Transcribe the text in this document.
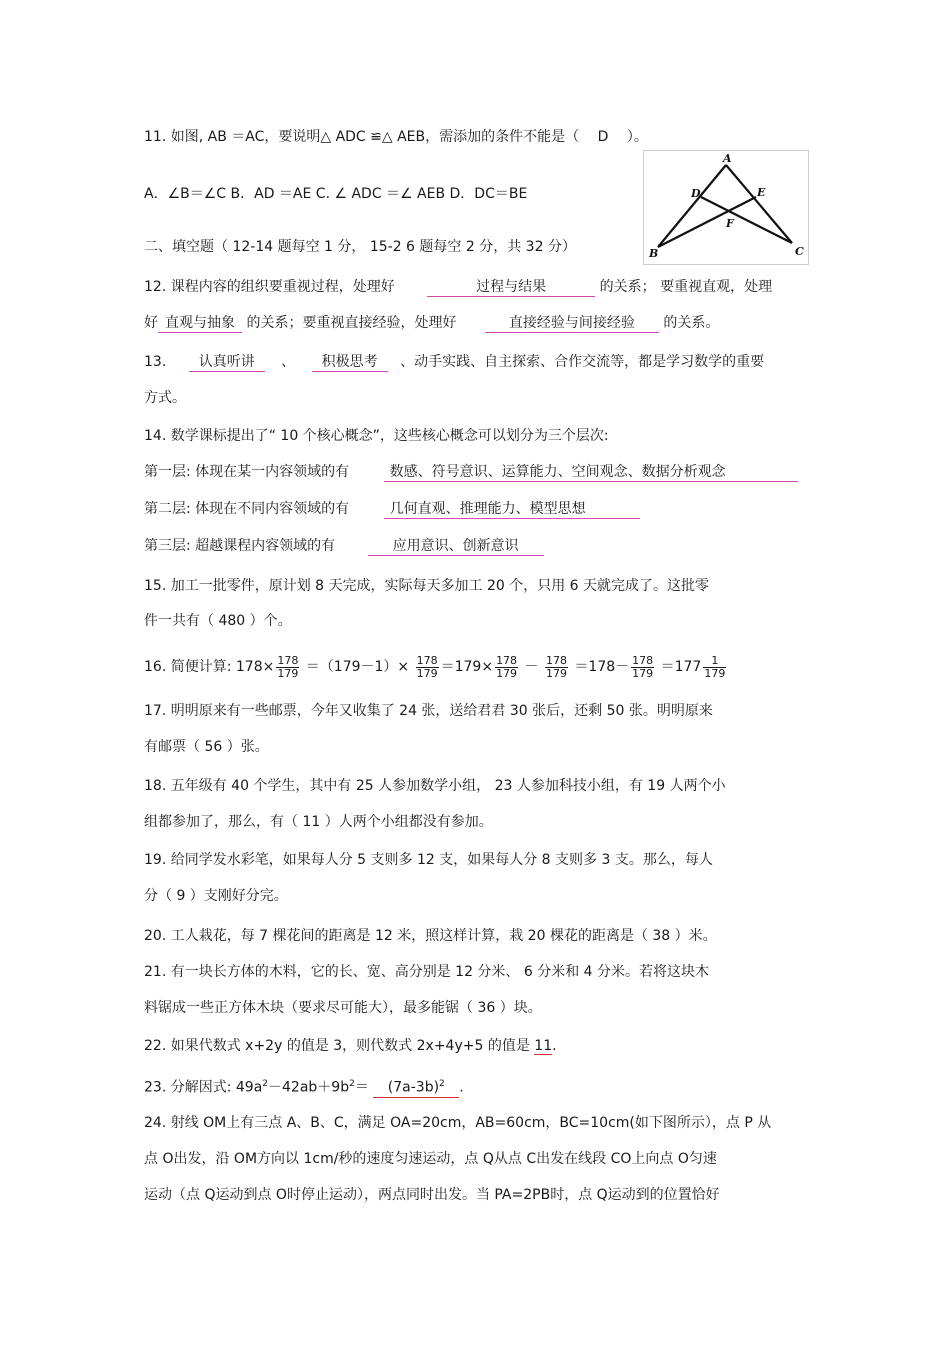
11. 如图, AB ＝AC，要说明△ ADC ≌△ AEB，需添加的条件不能是（ D ）。
A．∠B＝∠C B．AD ＝AE C. ∠ ADC ＝∠ AEB D．DC＝BE
A
D	E
F
B	C
二、填空题（ 12-14 题每空 1 分， 15-2 6 题每空 2 分，共 32 分）
12. 课程内容的组织要重视过程，处理好	过程与结果	的关系； 要重视直观，处理
好 直观与抽象 的关系；要重视直接经验，处理好	直接经验与间接经验 的关系。
13. 认真听讲 、 积极思考 、动手实践、自主探索、合作交流等，都是学习数学的重要
方式。
14. 数学课标提出了“ 10 个核心概念”，这些核心概念可以划分为三个层次:
第一层: 体现在某一内容领域的有	数感、符号意识、运算能力、空间观念、数据分析观念
第二层: 体现在不同内容领域的有	几何直观、推理能力、模型思想
第三层: 超越课程内容领域的有	应用意识、创新意识
15. 加工一批零件，原计划 8 天完成，实际每天多加工 20 个，只用 6 天就完成了。这批零
件一共有（ 480 ）个。
16. 简便计算: $178\times \frac{178}{179} =(179-1)\times \frac{178}{179} =179\times \frac{178}{179} - \frac{178}{179} =178- \frac{178}{179} =177 \frac{1}{179}$
17. 明明原来有一些邮票，今年又收集了 24 张，送给君君 30 张后，还剩 50 张。明明原来
有邮票（ 56 ）张。
18. 五年级有 40 个学生，其中有 25 人参加数学小组， 23 人参加科技小组，有 19 人两个小
组都参加了，那么，有（ 11 ）人两个小组都没有参加。
19. 给同学发水彩笔，如果每人分 5 支则多 12 支，如果每人分 8 支则多 3 支。那么，每人
分（ 9 ）支刚好分完。
20. 工人栽花，每 7 棵花间的距离是 12 米，照这样计算，栽 20 棵花的距离是（ 38 ）米。
21. 有一块长方体的木料，它的长、宽、高分别是 12 分米、 6 分米和 4 分米。若将这块木
料锯成一些正方体木块（要求尽可能大），最多能锯（ 36 ）块。
22. 如果代数式 x+2y 的值是 3，则代数式 2x+4y+5 的值是 11.
23. 分解因式: $49a^2-42ab+9b^2= (7a-3b)^2$ .
24. 射线 OM上有三点 A、B、C，满足 OA=20cm，AB=60cm，BC=10cm(如下图所示），点 P 从
点 O出发，沿 OM方向以 1cm/秒的速度匀速运动，点 Q从点 C出发在线段 CO上向点 O匀速
运动（点 Q运动到点 O时停止运动），两点同时出发。当 PA=2PB时，点 Q运动到的位置恰好
